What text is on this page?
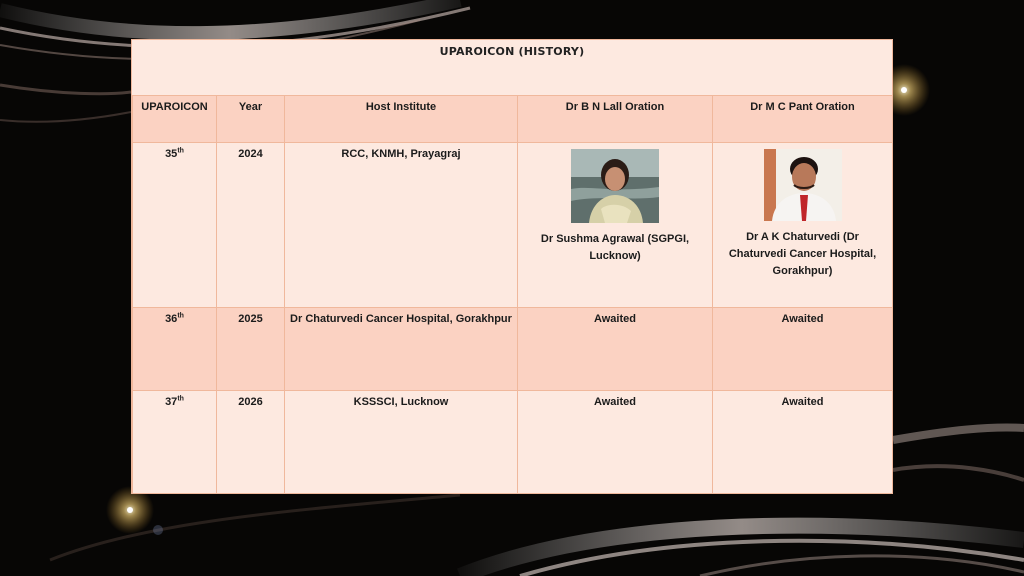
UPAROICON (HISTORY)
UPAROICON	Year	Host Institute	Dr B N Lall Oration	Dr M C Pant Oration
35th	2024	RCC, KNMH, Prayagraj	Dr Sushma Agrawal (SGPGI, Lucknow)	Dr A K Chaturvedi (Dr Chaturvedi Cancer Hospital, Gorakhpur)

36th	2025	Dr Chaturvedi Cancer Hospital, Gorakhpur	Awaited	Awaited
37th	2026	KSSSCI, Lucknow	Awaited	Awaited
